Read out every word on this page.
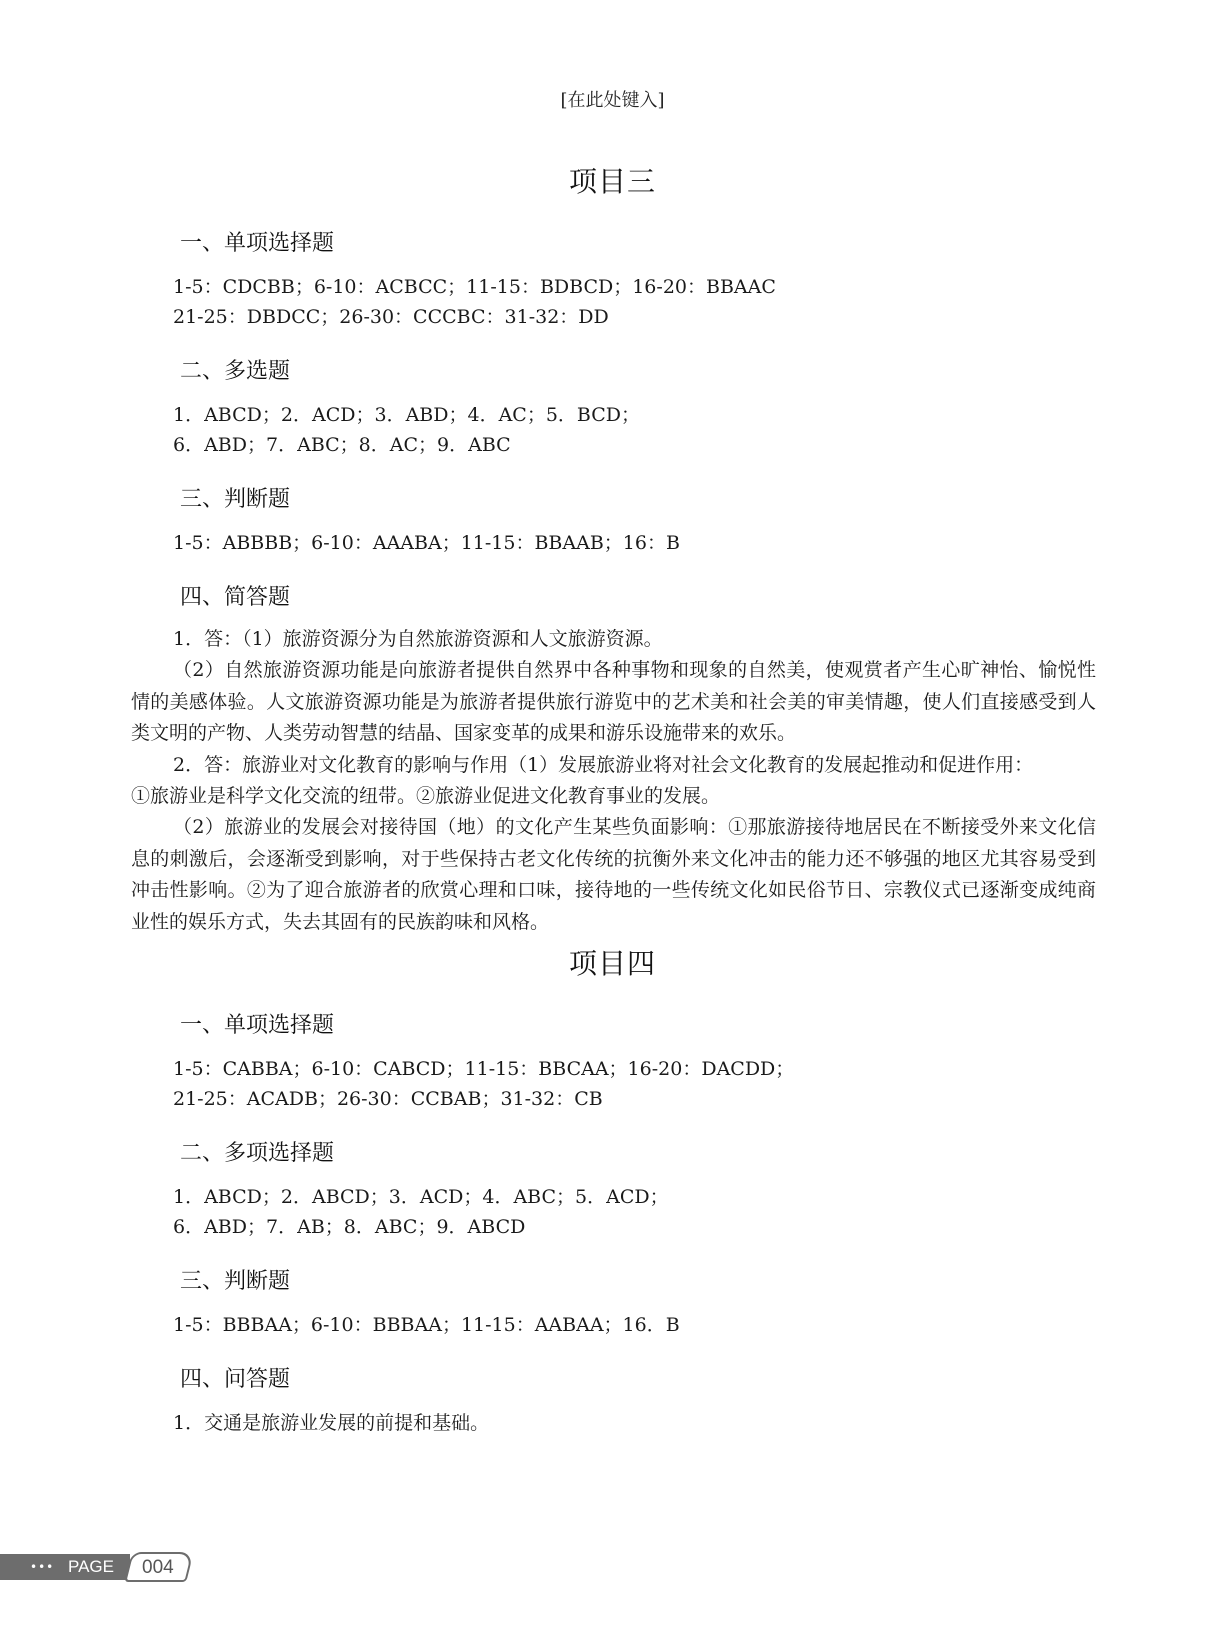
[在此处键入]
项目三
一、单项选择题
1-5：CDCBB；6-10：ACBCC；11-15：BDBCD；16-20：BBAAC
21-25：DBDCC；26-30：CCCBC：31-32：DD
二、多选题
1．ABCD；2．ACD；3．ABD；4．AC；5．BCD；
6．ABD；7．ABC；8．AC；9．ABC
三、判断题
1-5：ABBBB；6-10：AAABA；11-15：BBAAB；16：B
四、简答题
1．答：（1）旅游资源分为自然旅游资源和人文旅游资源。
（2）自然旅游资源功能是向旅游者提供自然界中各种事物和现象的自然美，使观赏者产生心旷神怡、愉悦性情的美感体验。人文旅游资源功能是为旅游者提供旅行游览中的艺术美和社会美的审美情趣，使人们直接感受到人类文明的产物、人类劳动智慧的结晶、国家变革的成果和游乐设施带来的欢乐。
2．答：旅游业对文化教育的影响与作用（1）发展旅游业将对社会文化教育的发展起推动和促进作用：
①旅游业是科学文化交流的纽带。②旅游业促进文化教育事业的发展。
（2）旅游业的发展会对接待国（地）的文化产生某些负面影响：①那旅游接待地居民在不断接受外来文化信息的刺激后，会逐渐受到影响，对于些保持古老文化传统的抗衡外来文化冲击的能力还不够强的地区尤其容易受到冲击性影响。②为了迎合旅游者的欣赏心理和口味，接待地的一些传统文化如民俗节日、宗教仪式已逐渐变成纯商业性的娱乐方式，失去其固有的民族韵味和风格。
项目四
一、单项选择题
1-5：CABBA；6-10：CABCD；11-15：BBCAA；16-20：DACDD；
21-25：ACADB；26-30：CCBAB；31-32：CB
二、多项选择题
1．ABCD；2．ABCD；3．ACD；4．ABC；5．ACD；
6．ABD；7．AB；8．ABC；9．ABCD
三、判断题
1-5：BBBAA；6-10：BBBAA；11-15：AABAA；16．B
四、问答题
1．交通是旅游业发展的前提和基础。
••• PAGE 004
